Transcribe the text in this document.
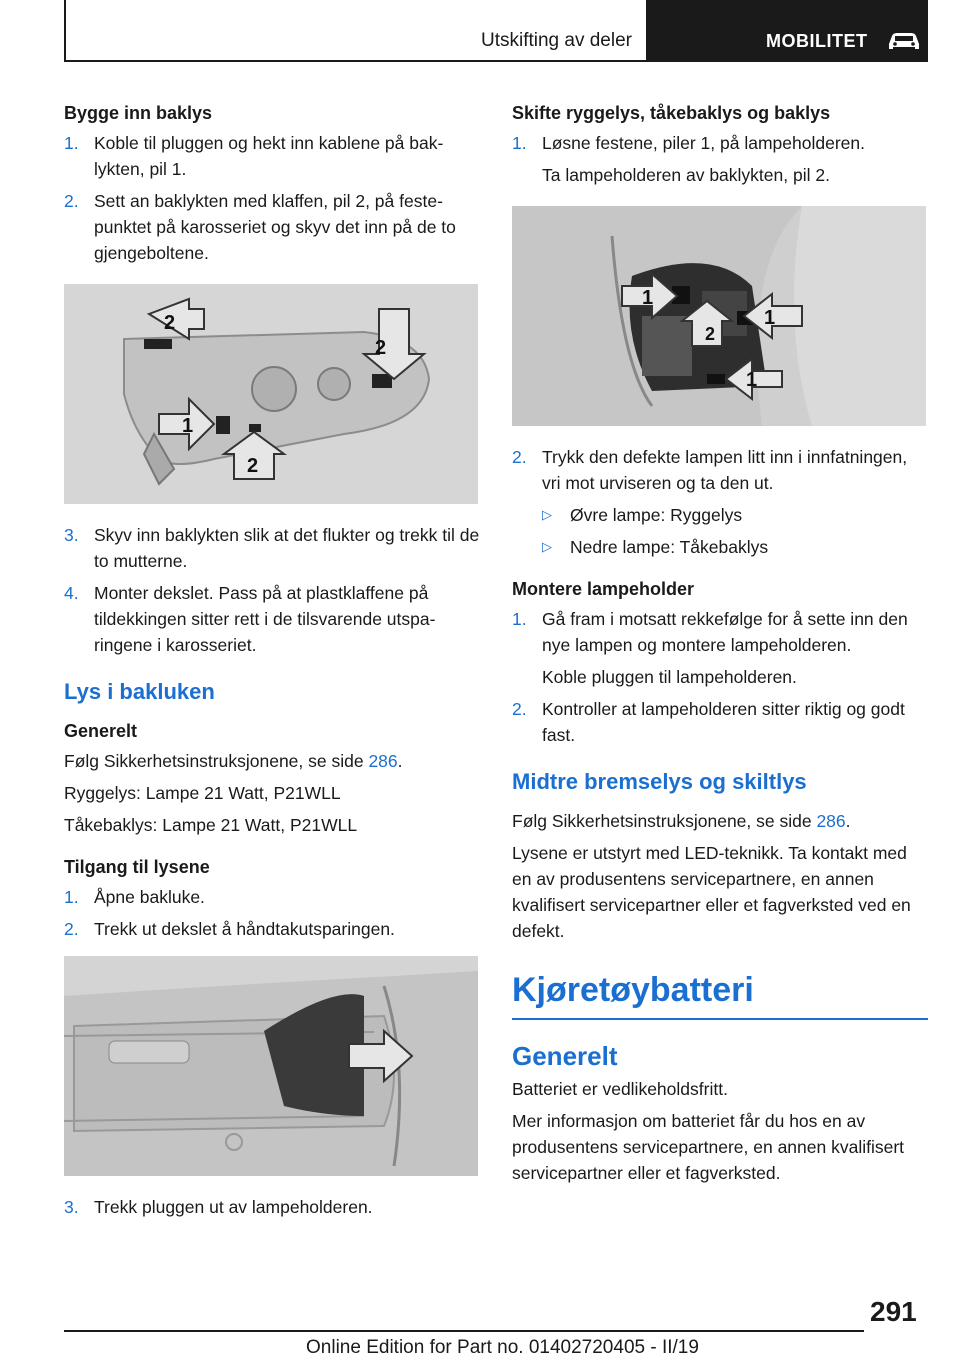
Utskifting av deler	MOBILITET
Bygge inn baklys
1. Koble til pluggen og hekt inn kablene på baklykten, pil 1.
2. Sett an baklykten med klaffen, pil 2, på festepunktet på karosseriet og skyv det inn på de to gjengeboltene.
2
2
1
2
3. Skyv inn baklykten slik at det flukter og trekk til de to mutterne.
4. Monter dekslet. Pass på at plastklaffene på tildekkingen sitter rett i de tilsvarende utsparingene i karosseriet.
Lys i bakluken
Generelt
Følg Sikkerhetsinstruksjonene, se side 286.
Ryggelys: Lampe 21 Watt, P21WLL
Tåkebaklys: Lampe 21 Watt, P21WLL
Tilgang til lysene
1. Åpne bakluke.
2. Trekk ut dekslet å håndtakutsparingen.
3. Trekk pluggen ut av lampeholderen.
Skifte ryggelys, tåkebaklys og baklys
1. Løsne festene, piler 1, på lampeholderen.
Ta lampeholderen av baklykten, pil 2.
1
1
2
1
2. Trykk den defekte lampen litt inn i innfatningen, vri mot urviseren og ta den ut.
▷	Øvre lampe: Ryggelys
▷	Nedre lampe: Tåkebaklys
Montere lampeholder
1. Gå fram i motsatt rekkefølge for å sette inn den nye lampen og montere lampeholderen.
Koble pluggen til lampeholderen.
2. Kontroller at lampeholderen sitter riktig og godt fast.
Midtre bremselys og skiltlys
Følg Sikkerhetsinstruksjonene, se side 286.
Lysene er utstyrt med LED-teknikk. Ta kontakt med en av produsentens servicepartnere, en annen kvalifisert servicepartner eller et fagverksted ved en defekt.
Kjøretøybatteri
Generelt
Batteriet er vedlikeholdsfritt.
Mer informasjon om batteriet får du hos en av produsentens servicepartnere, en annen kvalifisert servicepartner eller et fagverksted.
291
Online Edition for Part no. 01402720405 - II/19
